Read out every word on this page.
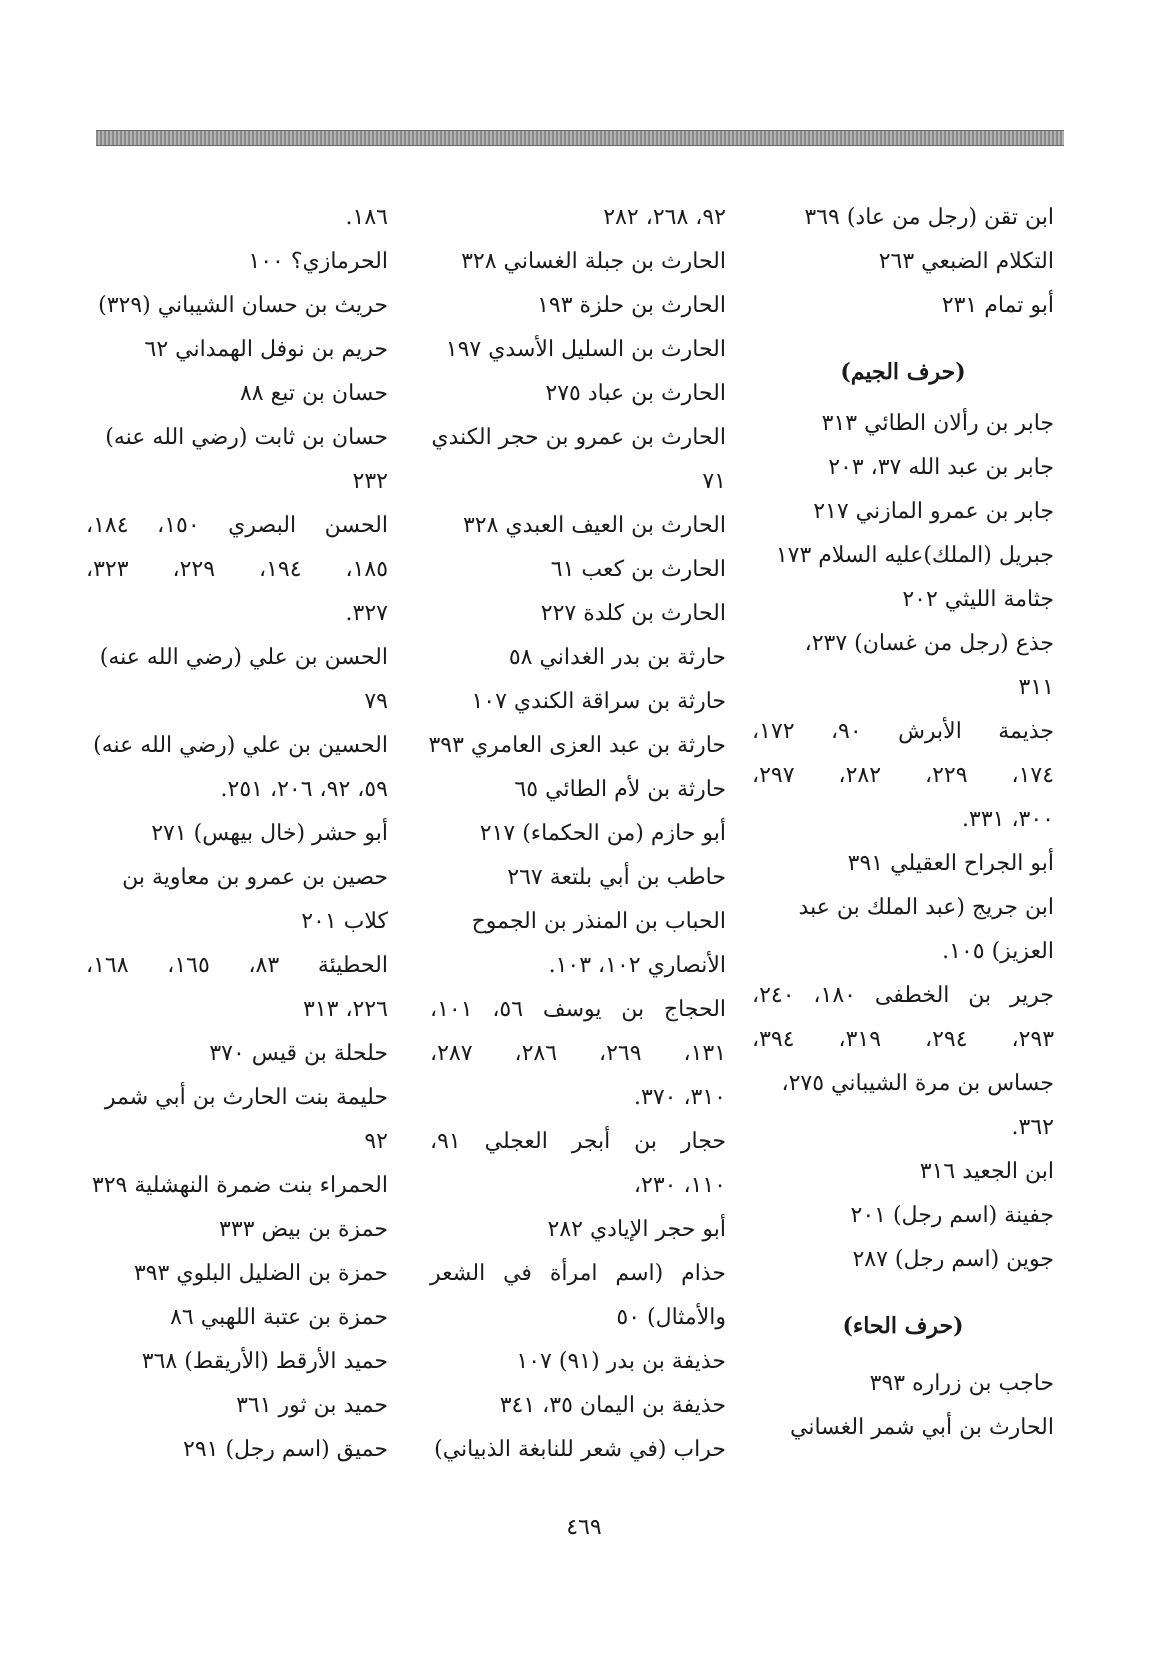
ابن تقن (رجل من عاد) ٣٦٩
التكلام الضبعي ٢٦٣
أبو تمام ٢٣١
(حرف الجيم)
جابر بن رألان الطائي ٣١٣
جابر بن عبد الله ٣٧، ٢٠٣
جابر بن عمرو المازني ٢١٧
جبريل (الملك)عليه السلام ١٧٣
جثامة الليثي ٢٠٢
جذع (رجل من غسان) ٢٣٧،
٣١١
جذيمة الأبرش ٩٠، ١٧٢،
١٧٤، ٢٢٩، ٢٨٢، ٢٩٧،
٣٠٠، ٣٣١.
أبو الجراح العقيلي ٣٩١
ابن جريج (عبد الملك بن عبد
العزيز) ١٠٥.
جرير بن الخطفى ١٨٠، ٢٤٠،
٢٩٣، ٢٩٤، ٣١٩، ٣٩٤،
جساس بن مرة الشيباني ٢٧٥،
٣٦٢.
ابن الجعيد ٣١٦
جفينة (اسم رجل) ٢٠١
جوين (اسم رجل) ٢٨٧
(حرف الحاء)
حاجب بن زراره ٣٩٣
الحارث بن أبي شمر الغساني
٩٢، ٢٦٨، ٢٨٢
الحارث بن جبلة الغساني ٣٢٨
الحارث بن حلزة ١٩٣
الحارث بن السليل الأسدي ١٩٧
الحارث بن عباد ٢٧٥
الحارث بن عمرو بن حجر الكندي
٧١
الحارث بن العيف العبدي ٣٢٨
الحارث بن كعب ٦١
الحارث بن كلدة ٢٢٧
حارثة بن بدر الغداني ٥٨
حارثة بن سراقة الكندي ١٠٧
حارثة بن عبد العزى العامري ٣٩٣
حارثة بن لأم الطائي ٦٥
أبو حازم (من الحكماء) ٢١٧
حاطب بن أبي بلتعة ٢٦٧
الحباب بن المنذر بن الجموح
الأنصاري ١٠٢، ١٠٣.
الحجاج بن يوسف ٥٦، ١٠١،
١٣١، ٢٦٩، ٢٨٦، ٢٨٧،
٣١٠، ٣٧٠.
حجار بن أبجر العجلي ٩١،
١١٠، ٢٣٠،
أبو حجر الإيادي ٢٨٢
حذام (اسم امرأة في الشعر
والأمثال) ٥٠
حذيفة بن بدر (٩١) ١٠٧
حذيفة بن اليمان ٣٥، ٣٤١
حراب (في شعر للنابغة الذبياني)
١٨٦.
الحرمازي؟ ١٠٠
حريث بن حسان الشيباني (٣٢٩)
حريم بن نوفل الهمداني ٦٢
حسان بن تبع ٨٨
حسان بن ثابت (رضي الله عنه)
٢٣٢
الحسن البصري ١٥٠، ١٨٤،
١٨٥، ١٩٤، ٢٢٩، ٣٢٣،
٣٢٧.
الحسن بن علي (رضي الله عنه)
٧٩
الحسين بن علي (رضي الله عنه)
٥٩، ٩٢، ٢٠٦، ٢٥١.
أبو حشر (خال بيهس) ٢٧١
حصين بن عمرو بن معاوية بن
كلاب ٢٠١
الحطيئة ٨٣، ١٦٥، ١٦٨،
٢٢٦، ٣١٣
حلحلة بن قيس ٣٧٠
حليمة بنت الحارث بن أبي شمر
٩٢
الحمراء بنت ضمرة النهشلية ٣٢٩
حمزة بن بيض ٣٣٣
حمزة بن الضليل البلوي ٣٩٣
حمزة بن عتبة اللهبي ٨٦
حميد الأرقط (الأريقط) ٣٦٨
حميد بن ثور ٣٦١
حميق (اسم رجل) ٢٩١
٤٦٩
